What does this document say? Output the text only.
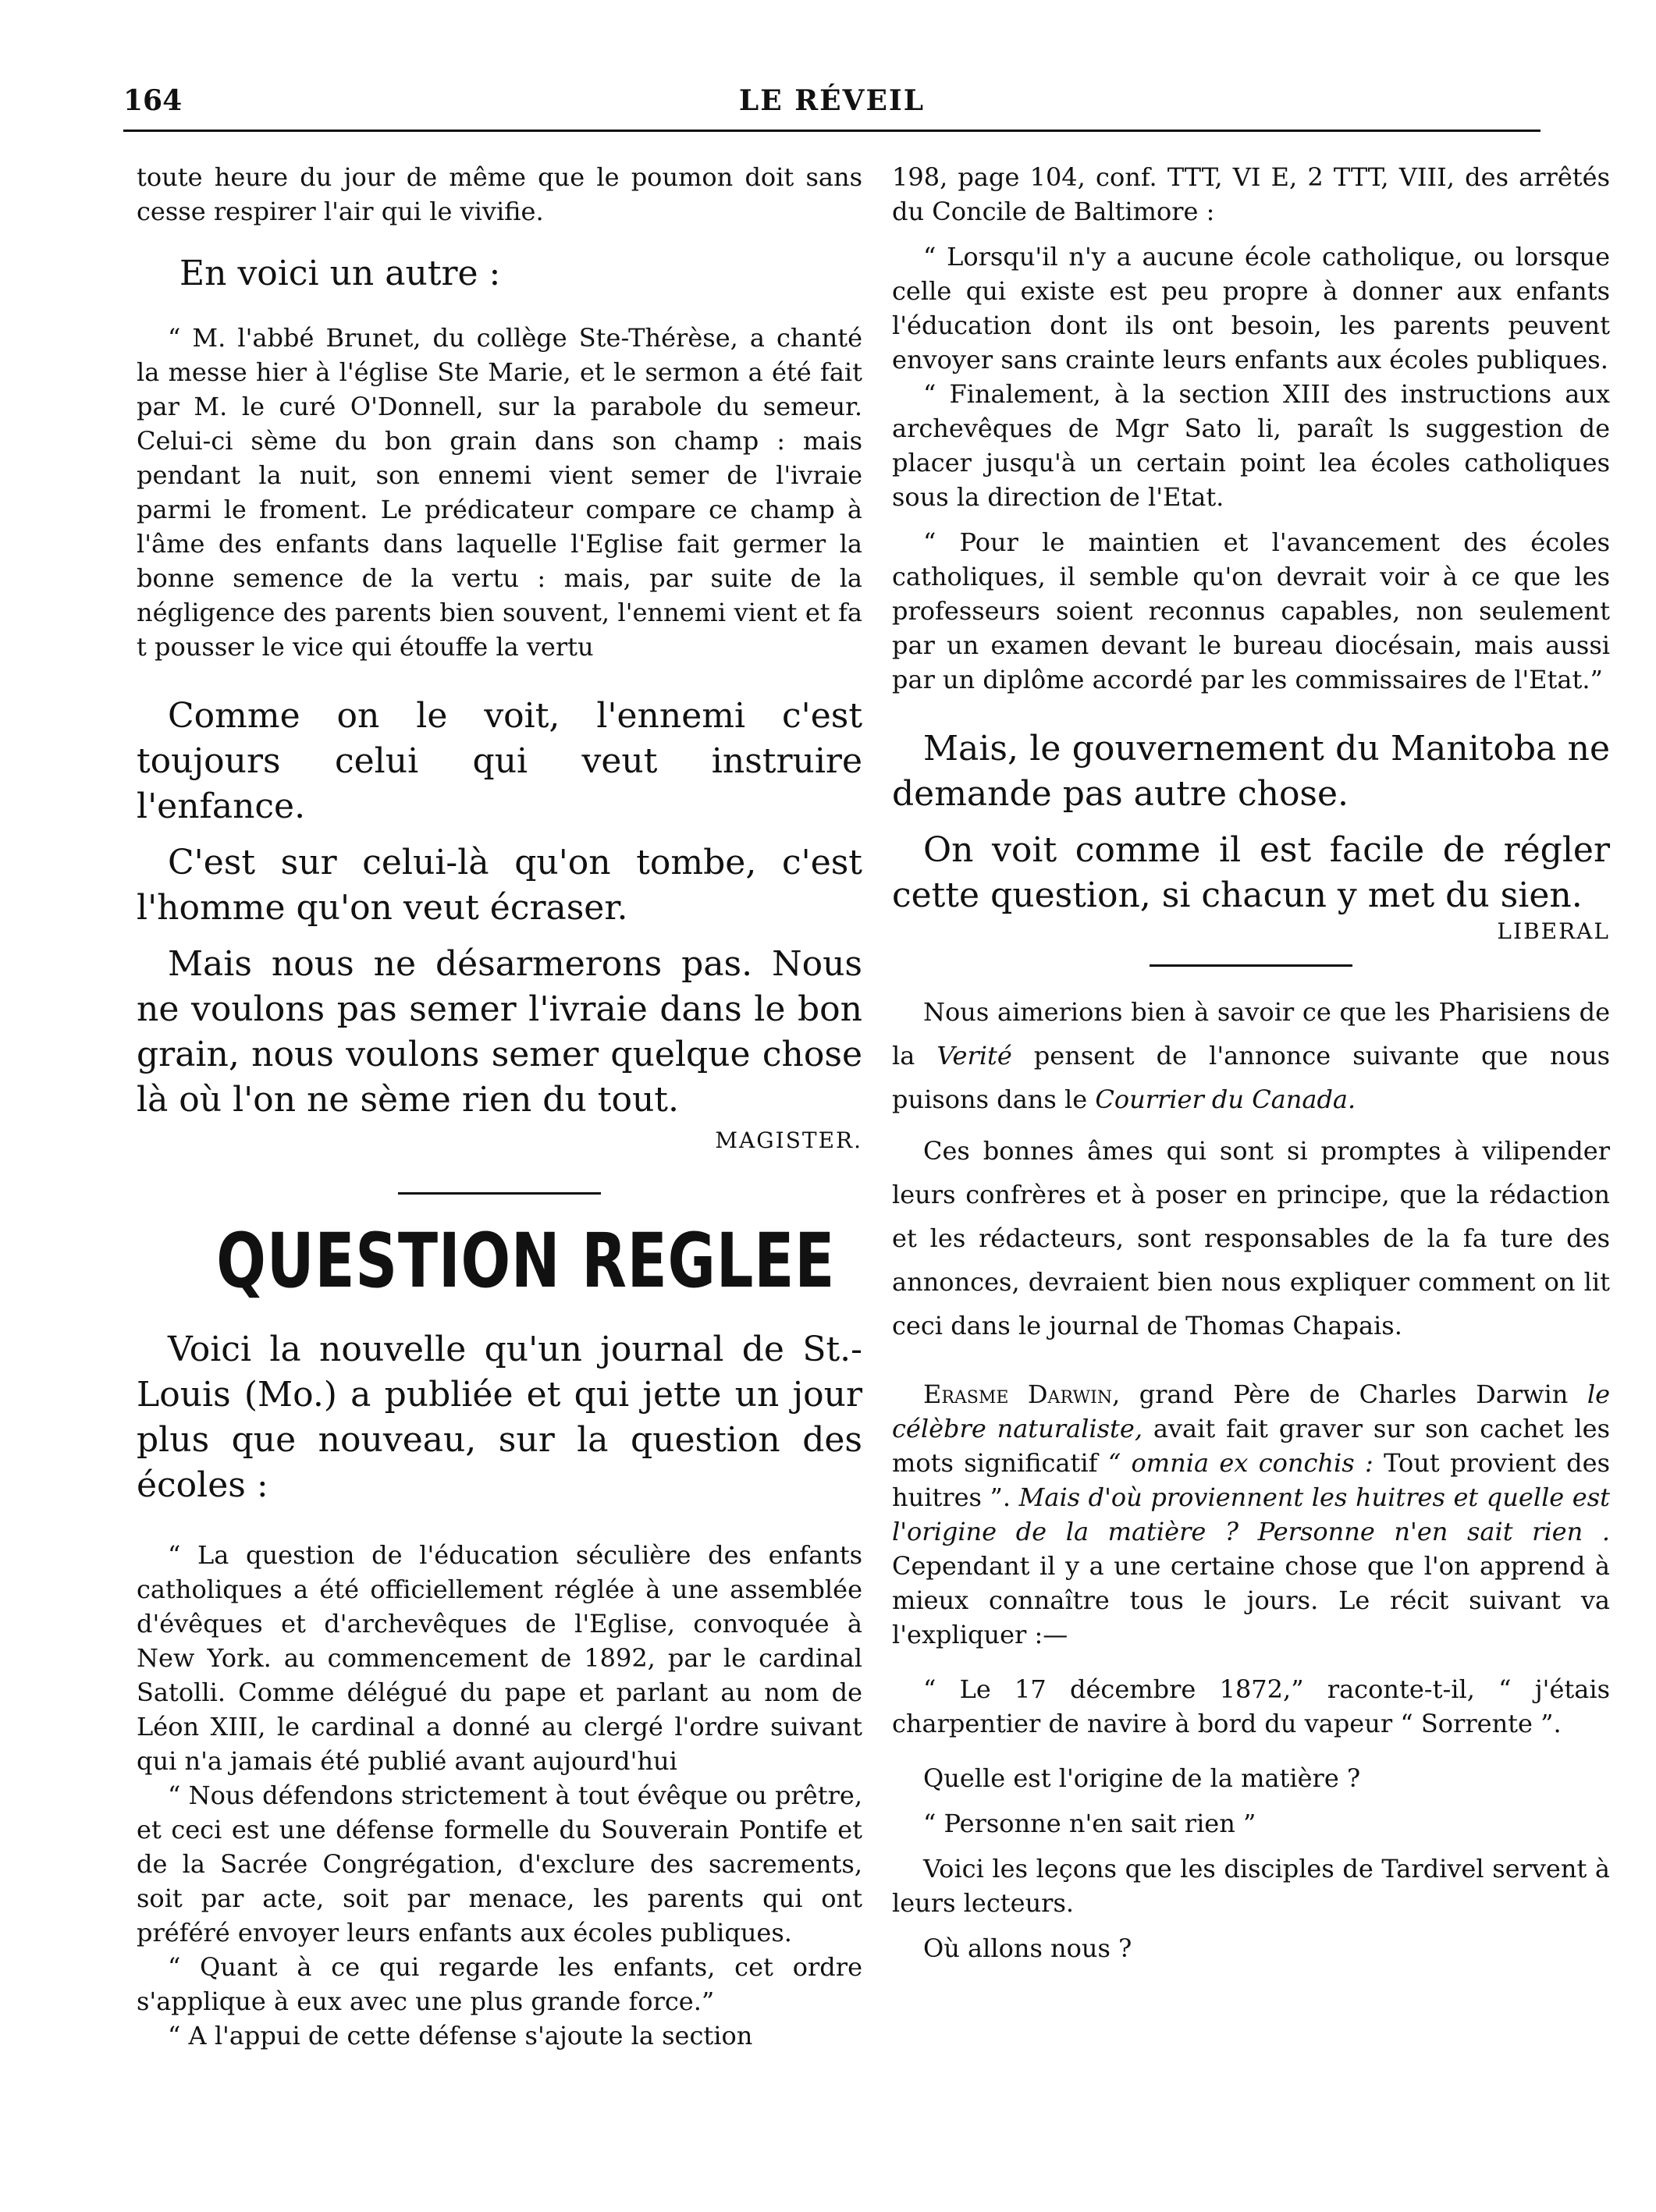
164	LE RÉVEIL

toute heure du jour de même que le poumon doit sans cesse respirer l'air qui le vivifie.

En voici un autre :

“ M. l'abbé Brunet, du collège Ste-Thérèse, a chanté la messe hier à l'église Ste Marie, et le sermon a été fait par M. le curé O'Donnell, sur la parabole du semeur. Celui-ci sème du bon grain dans son champ : mais pendant la nuit, son ennemi vient semer de l'ivraie parmi le froment. Le prédicateur compare ce champ à l'âme des enfants dans laquelle l'Eglise fait germer la bonne semence de la vertu : mais, par suite de la négligence des parents bien souvent, l'ennemi vient et fa t pousser le vice qui étouffe la vertu

Comme on le voit, l'ennemi c'est toujours celui qui veut instruire l'enfance.

C'est sur celui-là qu'on tombe, c'est l'homme qu'on veut écraser.

Mais nous ne désarmerons pas. Nous ne voulons pas semer l'ivraie dans le bon grain, nous voulons semer quelque chose là où l'on ne sème rien du tout.

MAGISTER.
QUESTION REGLEE

Voici la nouvelle qu'un journal de St.-Louis (Mo.) a publiée et qui jette un jour plus que nouveau, sur la question des écoles :

“ La question de l'éducation séculière des enfants catholiques a été officiellement réglée à une assemblée d'évêques et d'archevêques de l'Eglise, convoquée à New York. au commencement de 1892, par le cardinal Satolli. Comme délégué du pape et parlant au nom de Léon XIII, le cardinal a donné au clergé l'ordre suivant qui n'a jamais été publié avant aujourd'hui

“ Nous défendons strictement à tout évêque ou prêtre, et ceci est une défense formelle du Souverain Pontife et de la Sacrée Congrégation, d'exclure des sacrements, soit par acte, soit par menace, les parents qui ont préféré envoyer leurs enfants aux écoles publiques.

“ Quant à ce qui regarde les enfants, cet ordre s'applique à eux avec une plus grande force.”

“ A l'appui de cette défense s'ajoute la section

198, page 104, conf. TTT, VI E, 2 TTT, VIII, des arrêtés du Concile de Baltimore :

“ Lorsqu'il n'y a aucune école catholique, ou lorsque celle qui existe est peu propre à donner aux enfants l'éducation dont ils ont besoin, les parents peuvent envoyer sans crainte leurs enfants aux écoles publiques.

“ Finalement, à la section XIII des instructions aux archevêques de Mgr Sato li, paraît ls suggestion de placer jusqu'à un certain point lea écoles catholiques sous la direction de l'Etat.

“ Pour le maintien et l'avancement des écoles catholiques, il semble qu'on devrait voir à ce que les professeurs soient reconnus capables, non seulement par un examen devant le bureau diocésain, mais aussi par un diplôme accordé par les commissaires de l'Etat.”

Mais, le gouvernement du Manitoba ne demande pas autre chose.

On voit comme il est facile de régler cette question, si chacun y met du sien.

LIBERAL

Nous aimerions bien à savoir ce que les Pharisiens de la Verité pensent de l'annonce suivante que nous puisons dans le Courrier du Canada.

Ces bonnes âmes qui sont si promptes à vilipender leurs confrères et à poser en principe, que la rédaction et les rédacteurs, sont responsables de la fa ture des annonces, devraient bien nous expliquer comment on lit ceci dans le journal de Thomas Chapais.

Erasme Darwin, grand Père de Charles Darwin le célèbre naturaliste, avait fait graver sur son cachet les mots significatif “ omnia ex conchis : Tout provient des huitres ”. Mais d'où proviennent les huitres et quelle est l'origine de la matière ? Personne n'en sait rien . Cependant il y a une certaine chose que l'on apprend à mieux connaître tous le jours. Le récit suivant va l'expliquer :—

“ Le 17 décembre 1872,” raconte-t-il, “ j'étais charpentier de navire à bord du vapeur “ Sorrente ”.

Quelle est l'origine de la matière ?

“ Personne n'en sait rien ”

Voici les leçons que les disciples de Tardivel servent à leurs lecteurs.

Où allons nous ?
